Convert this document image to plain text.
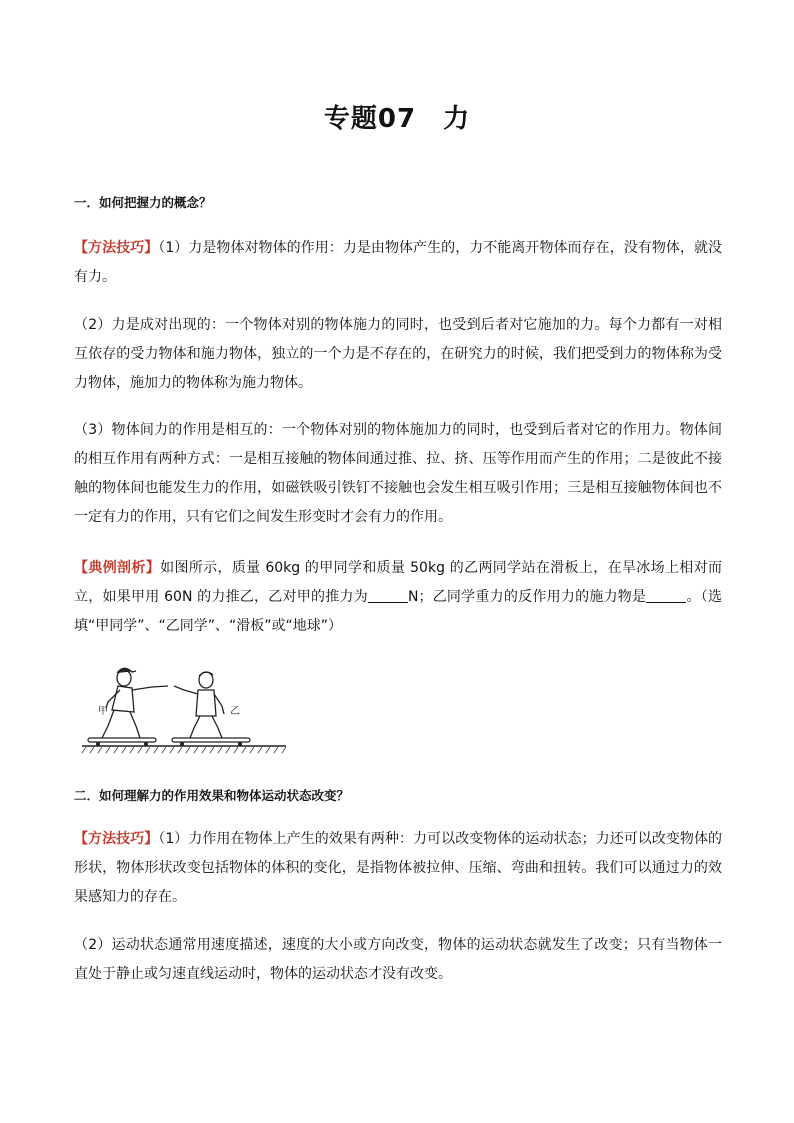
专题07　力
一．如何把握力的概念？
【方法技巧】（1）力是物体对物体的作用：力是由物体产生的，力不能离开物体而存在，没有物体，就没有力。
（2）力是成对出现的：一个物体对别的物体施力的同时，也受到后者对它施加的力。每个力都有一对相互依存的受力物体和施力物体，独立的一个力是不存在的，在研究力的时候，我们把受到力的物体称为受力物体，施加力的物体称为施力物体。
（3）物体间力的作用是相互的：一个物体对别的物体施加力的同时，也受到后者对它的作用力。物体间的相互作用有两种方式：一是相互接触的物体间通过推、拉、挤、压等作用而产生的作用；二是彼此不接触的物体间也能发生力的作用，如磁铁吸引铁钉不接触也会发生相互吸引作用；三是相互接触物体间也不一定有力的作用，只有它们之间发生形变时才会有力的作用。
【典例剖析】如图所示，质量 60kg 的甲同学和质量 50kg 的乙两同学站在滑板上，在旱冰场上相对而立，如果甲用 60N 的力推乙，乙对甲的推力为	N；乙同学重力的反作用力的施力物是	。（选填“甲同学”、“乙同学”、“滑板”或“地球”）
甲	乙
二．如何理解力的作用效果和物体运动状态改变？
【方法技巧】（1）力作用在物体上产生的效果有两种：力可以改变物体的运动状态；力还可以改变物体的形状，物体形状改变包括物体的体积的变化，是指物体被拉伸、压缩、弯曲和扭转。我们可以通过力的效果感知力的存在。
（2）运动状态通常用速度描述，速度的大小或方向改变，物体的运动状态就发生了改变；只有当物体一直处于静止或匀速直线运动时，物体的运动状态才没有改变。
